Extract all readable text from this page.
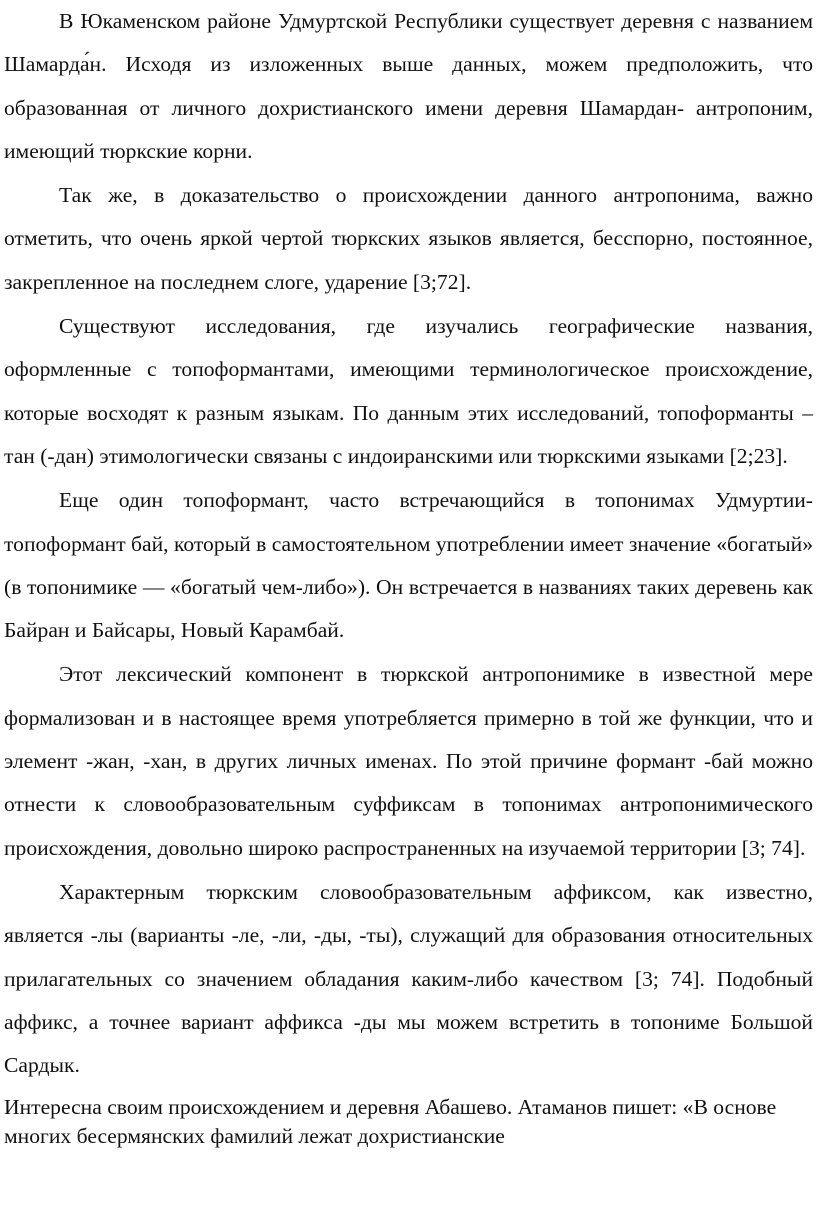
В Юкаменском районе Удмуртской Республики существует деревня с названием Шамарда́н. Исходя из изложенных выше данных, можем предположить, что образованная от личного дохристианского имени деревня Шамардан- антропоним, имеющий тюркские корни.

Так же, в доказательство о происхождении данного антропонима, важно отметить, что очень яркой чертой тюркских языков является, бесспорно, постоянное, закрепленное на последнем слоге, ударение [3;72].

Существуют исследования, где изучались географические названия, оформленные с топоформантами, имеющими терминологическое происхождение, которые восходят к разным языкам. По данным этих исследований, топоформанты –тан (-дан) этимологически связаны с индоиранскими или тюркскими языками [2;23].

Еще один топоформант, часто встречающийся в топонимах Удмуртии- топоформант бай, который в самостоятельном употреблении имеет значение «богатый» (в топонимике — «богатый чем-либо»). Он встречается в названиях таких деревень как Байран и Байсары, Новый Карамбай.

Этот лексический компонент в тюркской антропонимике в известной мере формализован и в настоящее время употребляется примерно в той же функции, что и элемент -жан, -хан, в других личных именах. По этой причине формант -бай можно отнести к словообразовательным суффиксам в топонимах антропонимического происхождения, довольно широко распространенных на изучаемой территории [3; 74].

Характерным тюркским словообразовательным аффиксом, как известно, является -лы (варианты -ле, -ли, -ды, -ты), служащий для образования относительных прилагательных со значением обладания каким-либо качеством [3; 74]. Подобный аффикс, а точнее вариант аффикса -ды мы можем встретить в топониме Большой Сардык.

Интересна своим происхождением и деревня Абашево. Атаманов пишет: «В основе многих бесермянских фамилий лежат дохристианские
